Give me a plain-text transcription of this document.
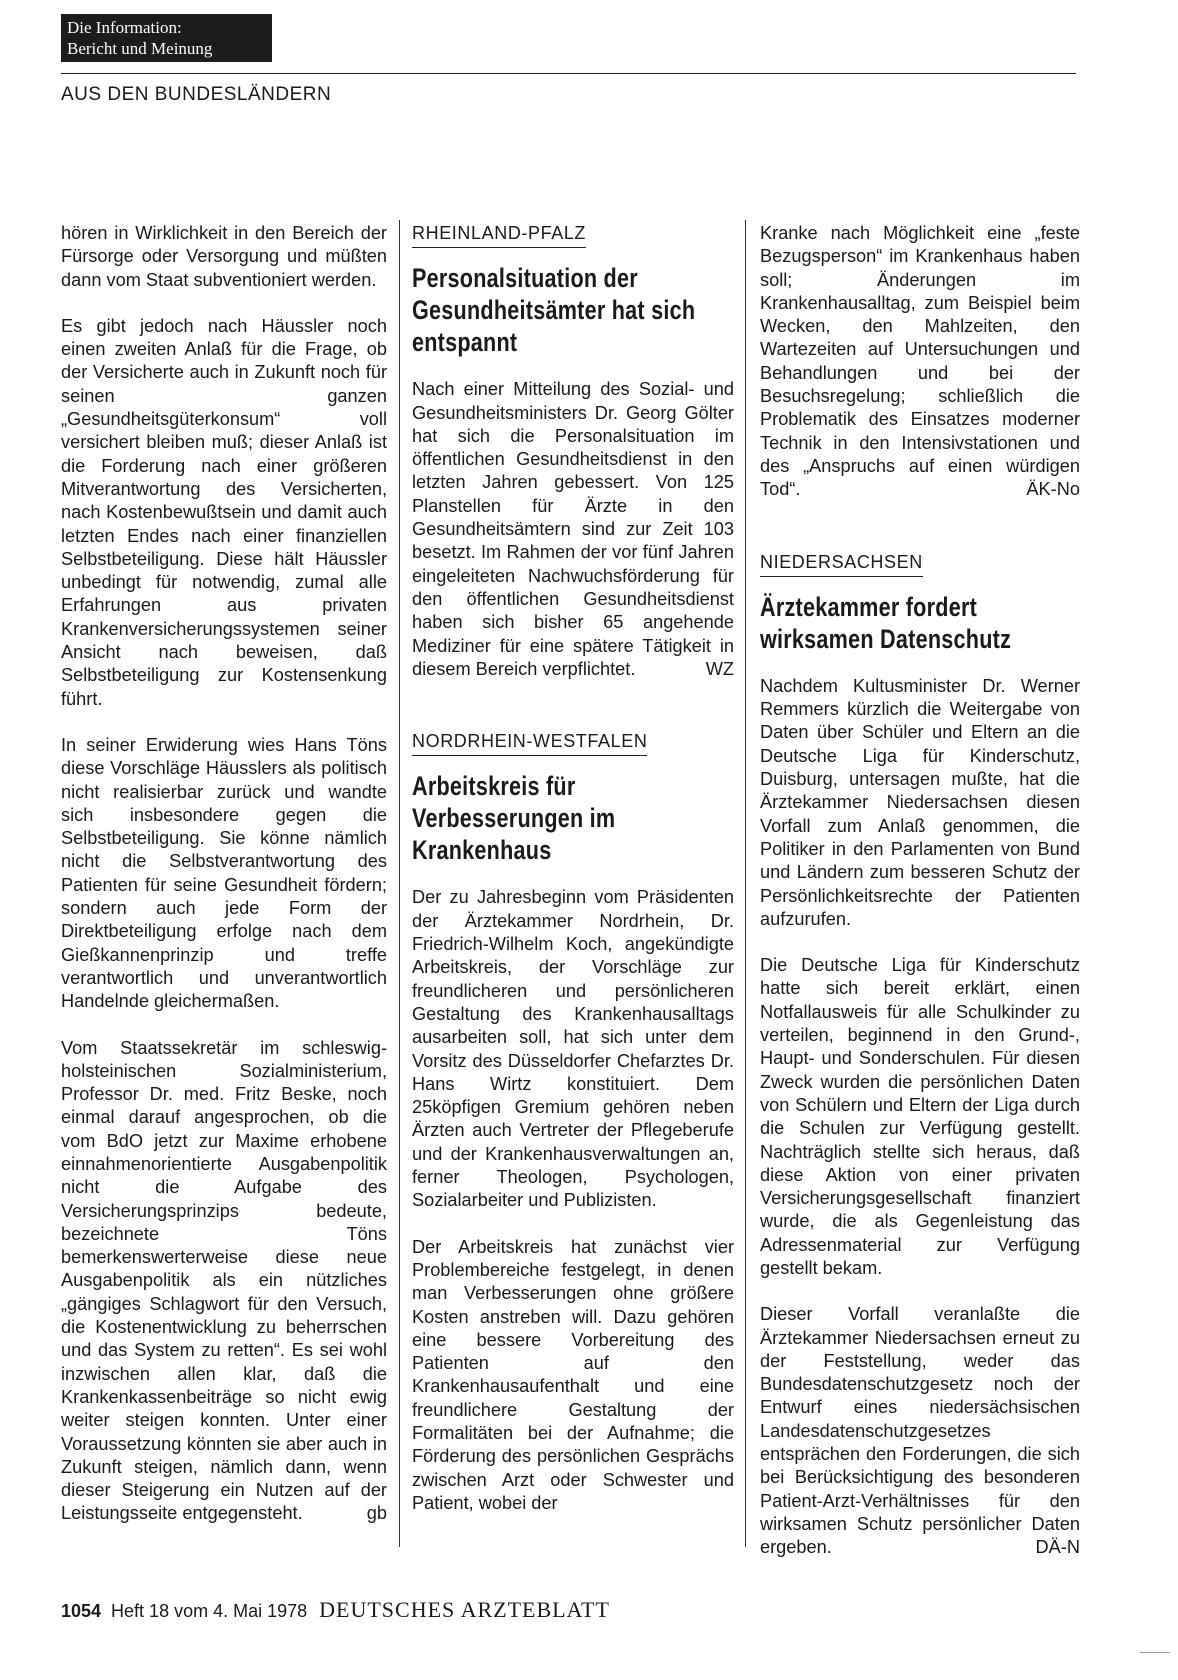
Die Information:
Bericht und Meinung
AUS DEN BUNDESLÄNDERN

hören in Wirklichkeit in den Bereich der Fürsorge oder Versorgung und müßten dann vom Staat subventioniert werden.

Es gibt jedoch nach Häussler noch einen zweiten Anlaß für die Frage, ob der Versicherte auch in Zukunft noch für seinen ganzen „Gesundheitsgüterkonsum“ voll versichert bleiben muß; dieser Anlaß ist die Forderung nach einer größeren Mitverantwortung des Versicherten, nach Kostenbewußtsein und damit auch letzten Endes nach einer finanziellen Selbstbeteiligung. Diese hält Häussler unbedingt für notwendig, zumal alle Erfahrungen aus privaten Krankenversicherungssystemen seiner Ansicht nach beweisen, daß Selbstbeteiligung zur Kostensenkung führt.

In seiner Erwiderung wies Hans Töns diese Vorschläge Häusslers als politisch nicht realisierbar zurück und wandte sich insbesondere gegen die Selbstbeteiligung. Sie könne nämlich nicht die Selbstverantwortung des Patienten für seine Gesundheit fördern; sondern auch jede Form der Direktbeteiligung erfolge nach dem Gießkannenprinzip und treffe verantwortlich und unverantwortlich Handelnde gleichermaßen.

Vom Staatssekretär im schleswig-holsteinischen Sozialministerium, Professor Dr. med. Fritz Beske, noch einmal darauf angesprochen, ob die vom BdO jetzt zur Maxime erhobene einnahmenorientierte Ausgabenpolitik nicht die Aufgabe des Versicherungsprinzips bedeute, bezeichnete Töns bemerkenswerterweise diese neue Ausgabenpolitik als ein nützliches „gängiges Schlagwort für den Versuch, die Kostenentwicklung zu beherrschen und das System zu retten“. Es sei wohl inzwischen allen klar, daß die Krankenkassenbeiträge so nicht ewig weiter steigen konnten. Unter einer Voraussetzung könnten sie aber auch in Zukunft steigen, nämlich dann, wenn dieser Steigerung ein Nutzen auf der Leistungsseite entgegensteht.	gb

RHEINLAND-PFALZ
Personalsituation der Gesundheitsämter hat sich entspannt

Nach einer Mitteilung des Sozial- und Gesundheitsministers Dr. Georg Gölter hat sich die Personalsituation im öffentlichen Gesundheitsdienst in den letzten Jahren gebessert. Von 125 Planstellen für Ärzte in den Gesundheitsämtern sind zur Zeit 103 besetzt. Im Rahmen der vor fünf Jahren eingeleiteten Nachwuchsförderung für den öffentlichen Gesundheitsdienst haben sich bisher 65 angehende Mediziner für eine spätere Tätigkeit in diesem Bereich verpflichtet.	WZ

NORDRHEIN-WESTFALEN
Arbeitskreis für Verbesserungen im Krankenhaus

Der zu Jahresbeginn vom Präsidenten der Ärztekammer Nordrhein, Dr. Friedrich-Wilhelm Koch, angekündigte Arbeitskreis, der Vorschläge zur freundlicheren und persönlicheren Gestaltung des Krankenhausalltags ausarbeiten soll, hat sich unter dem Vorsitz des Düsseldorfer Chefarztes Dr. Hans Wirtz konstituiert. Dem 25köpfigen Gremium gehören neben Ärzten auch Vertreter der Pflegeberufe und der Krankenhausverwaltungen an, ferner Theologen, Psychologen, Sozialarbeiter und Publizisten.

Der Arbeitskreis hat zunächst vier Problembereiche festgelegt, in denen man Verbesserungen ohne größere Kosten anstreben will. Dazu gehören eine bessere Vorbereitung des Patienten auf den Krankenhausaufenthalt und eine freundlichere Gestaltung der Formalitäten bei der Aufnahme; die Förderung des persönlichen Gesprächs zwischen Arzt oder Schwester und Patient, wobei der

Kranke nach Möglichkeit eine „feste Bezugsperson“ im Krankenhaus haben soll; Änderungen im Krankenhausalltag, zum Beispiel beim Wecken, den Mahlzeiten, den Wartezeiten auf Untersuchungen und Behandlungen und bei der Besuchsregelung; schließlich die Problematik des Einsatzes moderner Technik in den Intensivstationen und des „Anspruchs auf einen würdigen Tod“.	ÄK-No

NIEDERSACHSEN
Ärztekammer fordert wirksamen Datenschutz

Nachdem Kultusminister Dr. Werner Remmers kürzlich die Weitergabe von Daten über Schüler und Eltern an die Deutsche Liga für Kinderschutz, Duisburg, untersagen mußte, hat die Ärztekammer Niedersachsen diesen Vorfall zum Anlaß genommen, die Politiker in den Parlamenten von Bund und Ländern zum besseren Schutz der Persönlichkeitsrechte der Patienten aufzurufen.

Die Deutsche Liga für Kinderschutz hatte sich bereit erklärt, einen Notfallausweis für alle Schulkinder zu verteilen, beginnend in den Grund-, Haupt- und Sonderschulen. Für diesen Zweck wurden die persönlichen Daten von Schülern und Eltern der Liga durch die Schulen zur Verfügung gestellt. Nachträglich stellte sich heraus, daß diese Aktion von einer privaten Versicherungsgesellschaft finanziert wurde, die als Gegenleistung das Adressenmaterial zur Verfügung gestellt bekam.

Dieser Vorfall veranlaßte die Ärztekammer Niedersachsen erneut zu der Feststellung, weder das Bundesdatenschutzgesetz noch der Entwurf eines niedersächsischen Landesdatenschutzgesetzes entsprächen den Forderungen, die sich bei Berücksichtigung des besonderen Patient-Arzt-Verhältnisses für den wirksamen Schutz persönlicher Daten ergeben.	DÄ-N

1054 Heft 18 vom 4. Mai 1978 DEUTSCHES ARZTEBLATT
